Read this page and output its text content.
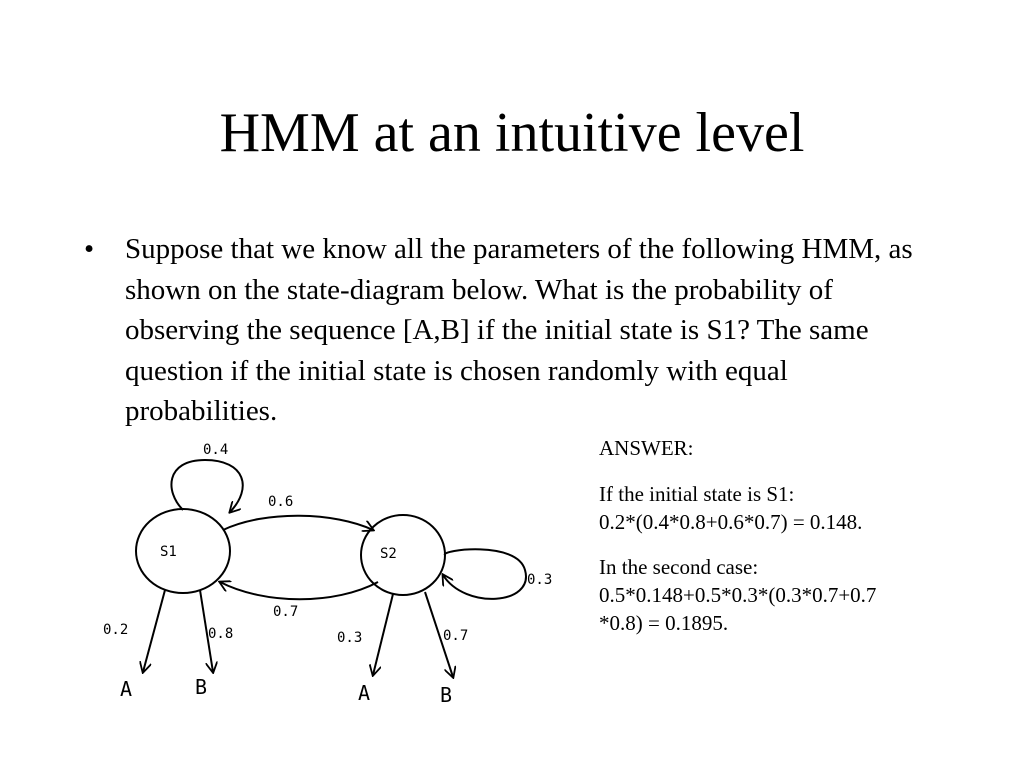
HMM at an intuitive level
• Suppose that we know all the parameters of the following HMM, as shown on the state-diagram below. What is the probability of observing the sequence [A,B] if the initial state is S1? The same question if the initial state is chosen randomly with equal probabilities.

ANSWER:

If the initial state is S1:

0.2*(0.4*0.8+0.6*0.7) = 0.148.

In the second case:

0.5*0.148+0.5*0.3*(0.3*0.7+0.7

*0.8) = 0.1895.

S1	S2
0.4
0.6
0.7
0.3
0.2	0.8	0.3	0.7
A	B	A	B
